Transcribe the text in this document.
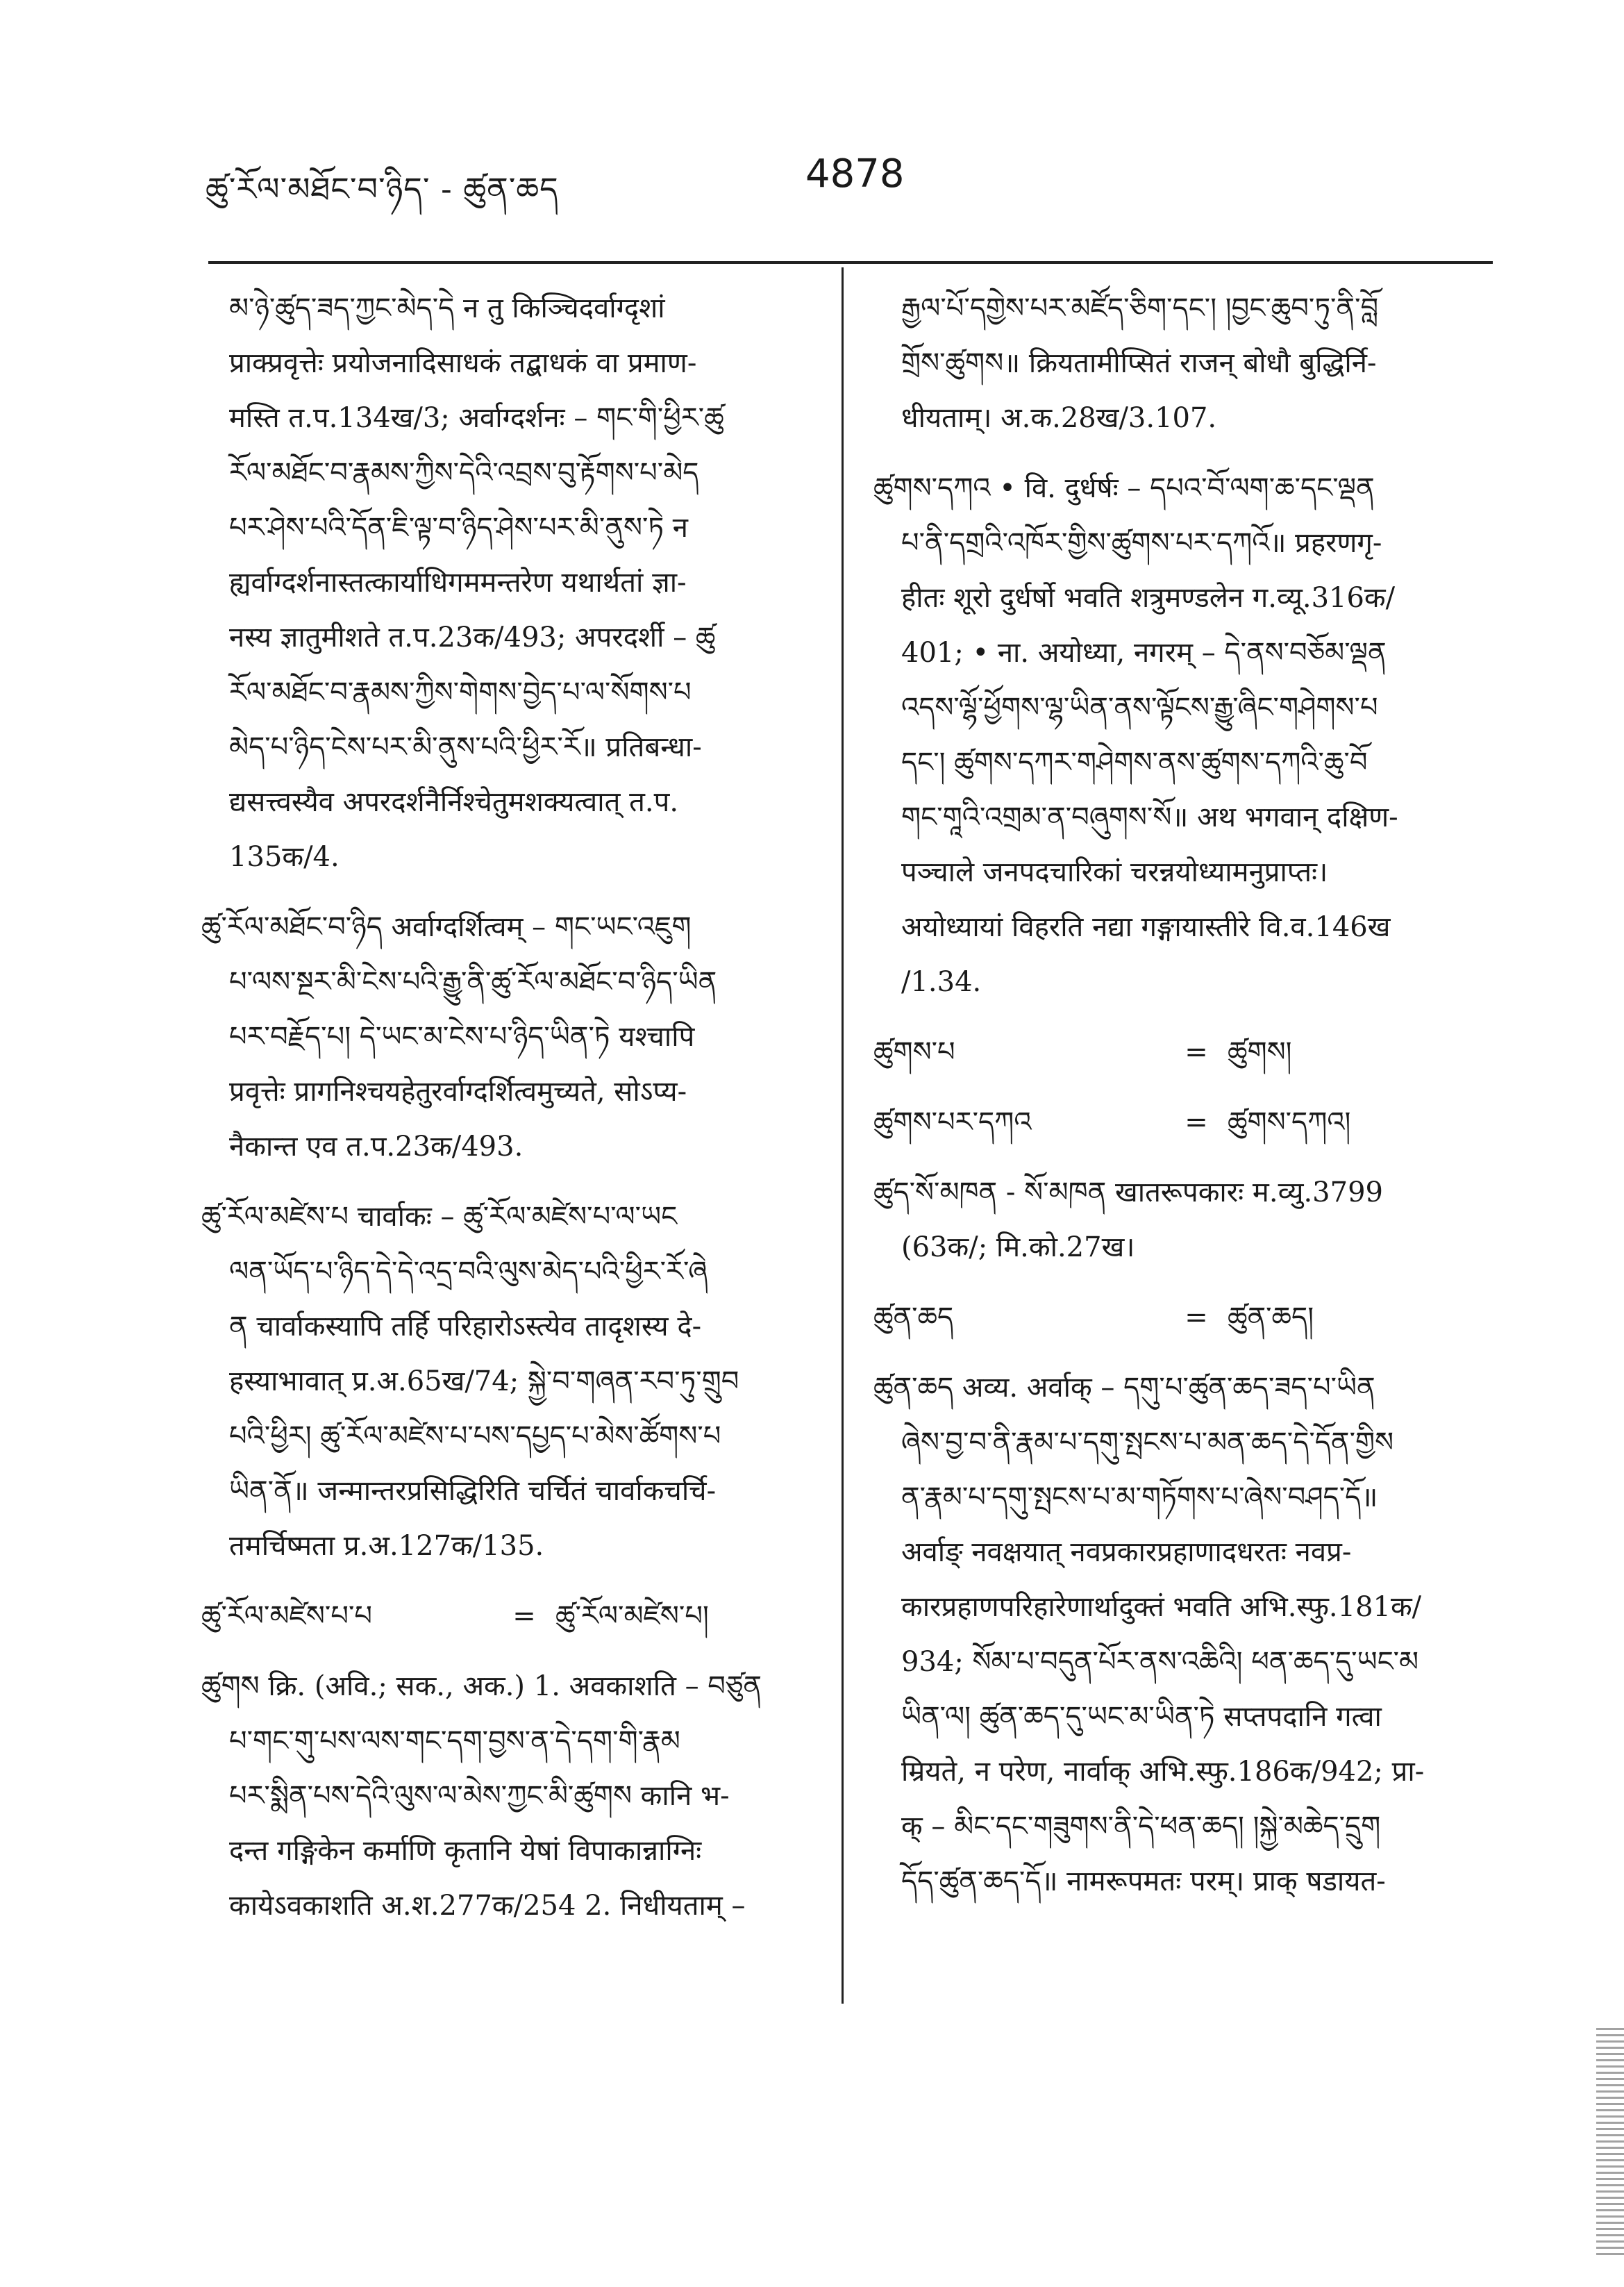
ཚུ་རོལ་མཐོང་བ་ཉིད་ - ཚུན་ཆད	4878

མ་ཉེ་ཚུད་ཟད་ཀྱང་མེད་དེ न तु किञ्चिदर्वाग्दृशां

प्राक्प्रवृत्तेः प्रयोजनादिसाधकं तद्बाधकं वा प्रमाण-

मस्ति त.प.134ख/3; अर्वाग्दर्शनः – གང་གི་ཕྱིར་ཚུ

རོལ་མཐོང་བ་རྣམས་ཀྱིས་དེའི་འབྲས་བུ་རྟོགས་པ་མེད

པར་ཤེས་པའི་དོན་ཇི་ལྟ་བ་ཉིད་ཤེས་པར་མི་ནུས་ཏེ न

ह्यर्वाग्दर्शनास्तत्कार्याधिगममन्तरेण यथार्थतां ज्ञा-

नस्य ज्ञातुमीशते त.प.23क/493; अपरदर्शी – ཚུ

རོལ་མཐོང་བ་རྣམས་ཀྱིས་གེགས་བྱེད་པ་ལ་སོགས་པ

མེད་པ་ཉིད་ངེས་པར་མི་ནུས་པའི་ཕྱིར་རོ॥ प्रतिबन्धा-

द्यसत्त्वस्यैव अपरदर्शनैर्निश्चेतुमशक्यत्वात् त.प.

135क/4.

ཚུ་རོལ་མཐོང་བ་ཉིད अर्वाग्दर्शित्वम् – གང་ཡང་འཇུག

པ་ལས་སྔར་མི་ངེས་པའི་རྒྱུ་ནི་ཚུ་རོལ་མཐོང་བ་ཉིད་ཡིན

པར་བརྗོད་པ། དེ་ཡང་མ་ངེས་པ་ཉིད་ཡིན་ཏེ यश्चापि

प्रवृत्तेः प्रागनिश्चयहेतुरर्वाग्दर्शित्वमुच्यते, सोऽप्य-

नैकान्त एव त.प.23क/493.

ཚུ་རོལ་མཛེས་པ चार्वाकः – ཚུ་རོལ་མཛེས་པ་ལ་ཡང

ལན་ཡོད་པ་ཉིད་དེ་དེ་འདྲ་བའི་ལུས་མེད་པའི་ཕྱིར་རོ་ཞེ

ན चार्वाकस्यापि तर्हि परिहारोऽस्त्येव तादृशस्य दे-

हस्याभावात् प्र.अ.65ख/74; སྐྱེ་བ་གཞན་རབ་ཏུ་གྲུབ

པའི་ཕྱིར། ཚུ་རོལ་མཛེས་པ་པས་དཔྱད་པ་མེས་ཚོགས་པ

ཡིན་ནོ॥ जन्मान्तरप्रसिद्धिरिति चर्चितं चार्वाकचर्चि-

तमर्चिष्मता प्र.अ.127क/135.

ཚུ་རོལ་མཛེས་པ་པ	= ཚུ་རོལ་མཛེས་པ།

ཚུགས क्रि. (अवि.; सक., अक.) 1. अवकाशति – བཙུན

པ་གང་གུ་པས་ལས་གང་དག་བྱས་ན་དེ་དག་གི་རྣམ

པར་སྨིན་པས་དེའི་ལུས་ལ་མེས་ཀྱང་མི་ཚུགས कानि भ-

दन्त गङ्गिकेन कर्माणि कृतानि येषां विपाकान्नाग्निः

कायेऽवकाशति अ.श.277क/254 2. निधीयताम् –

རྒྱལ་པོ་དགྱེས་པར་མཛོད་ཅིག་དང་། །བྱང་ཆུབ་ཏུ་ནི་བློ

གྲོས་ཚུགས॥ क्रियतामीप्सितं राजन् बोधौ बुद्धिर्नि-

धीयताम्। अ.क.28ख/3.107.

ཚུགས་དཀའ • वि. दुर्धर्षः – དཔའ་བོ་ལག་ཆ་དང་ལྡན

པ་ནི་དགྲའི་འཁོར་གྱིས་ཚུགས་པར་དཀའོ॥ प्रहरणगृ-

हीतः शूरो दुर्धर्षो भवति शत्रुमण्डलेन ग.व्यू.316क/

401; • ना. अयोध्या, नगरम् – དེ་ནས་བཅོམ་ལྡན

འདས་ལྷོ་ཕྱོགས་ལྷ་ཡིན་ནས་ལྟོངས་རྒྱུ་ཞིང་གཤེགས་པ

དང་། ཚུགས་དཀར་གཤེགས་ནས་ཚུགས་དཀའི་ཆུ་བོ

གང་གཱའི་འགྲམ་ན་བཞུགས་སོ॥ अथ भगवान् दक्षिण-

पञ्चाले जनपदचारिकां चरन्नयोध्यामनुप्राप्तः।

अयोध्यायां विहरति नद्या गङ्गायास्तीरे वि.व.146ख

/1.34.

ཚུགས་པ	= ཚུགས།
ཚུགས་པར་དཀའ	= ཚུགས་དཀའ།

ཚུད་སོ་མཁན - སོ་མཁན खातरूपकारः म.व्यु.3799

(63क/; मि.को.27ख।

ཚུན་ཆད	= ཚུན་ཆད།

ཚུན་ཆད अव्य. अर्वाक् – དགུ་པ་ཚུན་ཆད་ཟད་པ་ཡིན

ཞེས་བྱ་བ་ནི་རྣམ་པ་དགུ་སྤངས་པ་མན་ཆད་དེ་དོན་གྱིས

ན་རྣམ་པ་དགུ་སྤངས་པ་མ་གཏོགས་པ་ཞེས་བཤད་དོ॥

अर्वाङ् नवक्षयात् नवप्रकारप्रहाणादधरतः नवप्र-

कारप्रहाणपरिहारेणार्थादुक्तं भवति अभि.स्फु.181क/

934; སོམ་པ་བདུན་པོར་ནས་འཆིའི། ཕན་ཆད་དུ་ཡང་མ

ཡིན་ལ། ཚུན་ཆད་དུ་ཡང་མ་ཡིན་ཏེ सप्तपदानि गत्वा

म्रियते, न परेण, नार्वाक् अभि.स्फु.186क/942; प्रा-

क् – མིང་དང་གཟུགས་ནི་དེ་ཕན་ཆད། །སྐྱེ་མཆེད་དྲུག

དོད་ཚུན་ཆད་དོ॥ नामरूपमतः परम्। प्राक् षडायत-
